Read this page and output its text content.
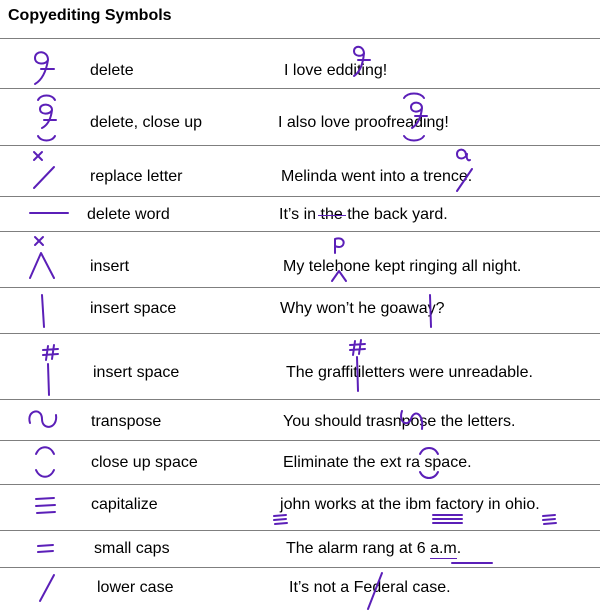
Copyediting Symbols
delete	I love edditing!
delete, close up	I also love proofreading!
replace letter	Melinda went into a trence.
delete word	It’s in the the back yard.
insert	My telehone kept ringing all night.
insert space	Why won’t he goaway?
insert space	The graffitiletters were unreadable.
transpose	You should trasnpose the letters.
close up space	Eliminate the ext ra space.
capitalize	john works at the ibm factory in ohio.
small caps	The alarm rang at 6 a.m.
lower case	It’s not a Federal case.
